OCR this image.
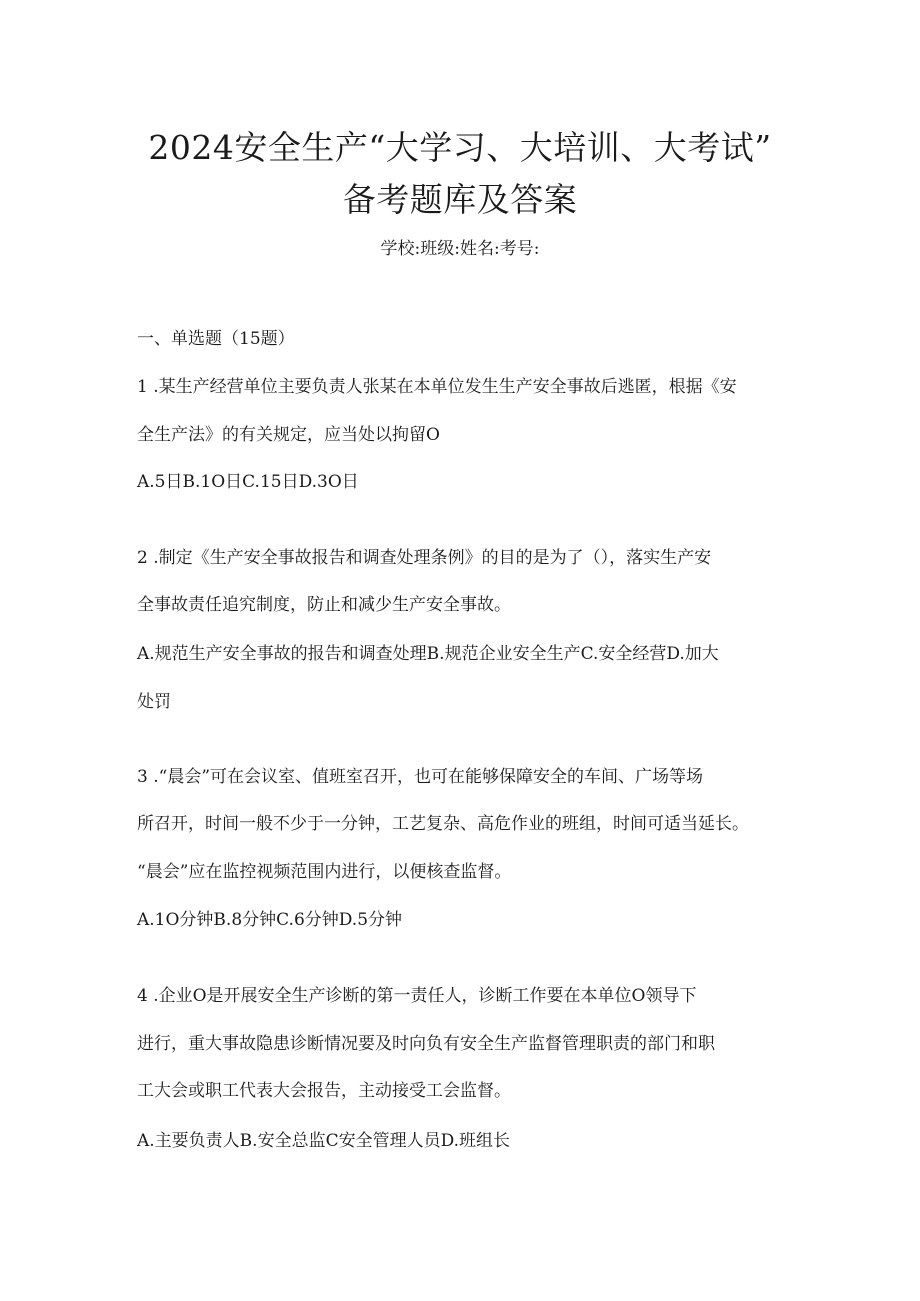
2024安全生产“大学习、大培训、大考试”
备考题库及答案
学校:班级:姓名:考号:
一、单选题（15题）
1 .某生产经营单位主要负责人张某在本单位发生生产安全事故后逃匿，根据《安
全生产法》的有关规定，应当处以拘留O
A.5日B.1O日C.15日D.3O日
2 .制定《生产安全事故报告和调查处理条例》的目的是为了（），落实生产安
全事故责任追究制度，防止和减少生产安全事故。
A.规范生产安全事故的报告和调查处理B.规范企业安全生产C.安全经营D.加大
处罚
3 .“晨会”可在会议室、值班室召开，也可在能够保障安全的车间、广场等场
所召开，时间一般不少于一分钟，工艺复杂、高危作业的班组，时间可适当延长。
“晨会”应在监控视频范围内进行，以便核查监督。
A.1O分钟B.8分钟C.6分钟D.5分钟
4 .企业O是开展安全生产诊断的第一责任人，诊断工作要在本单位O领导下
进行，重大事故隐患诊断情况要及时向负有安全生产监督管理职责的部门和职
工大会或职工代表大会报告，主动接受工会监督。
A.主要负责人B.安全总监C安全管理人员D.班组长
